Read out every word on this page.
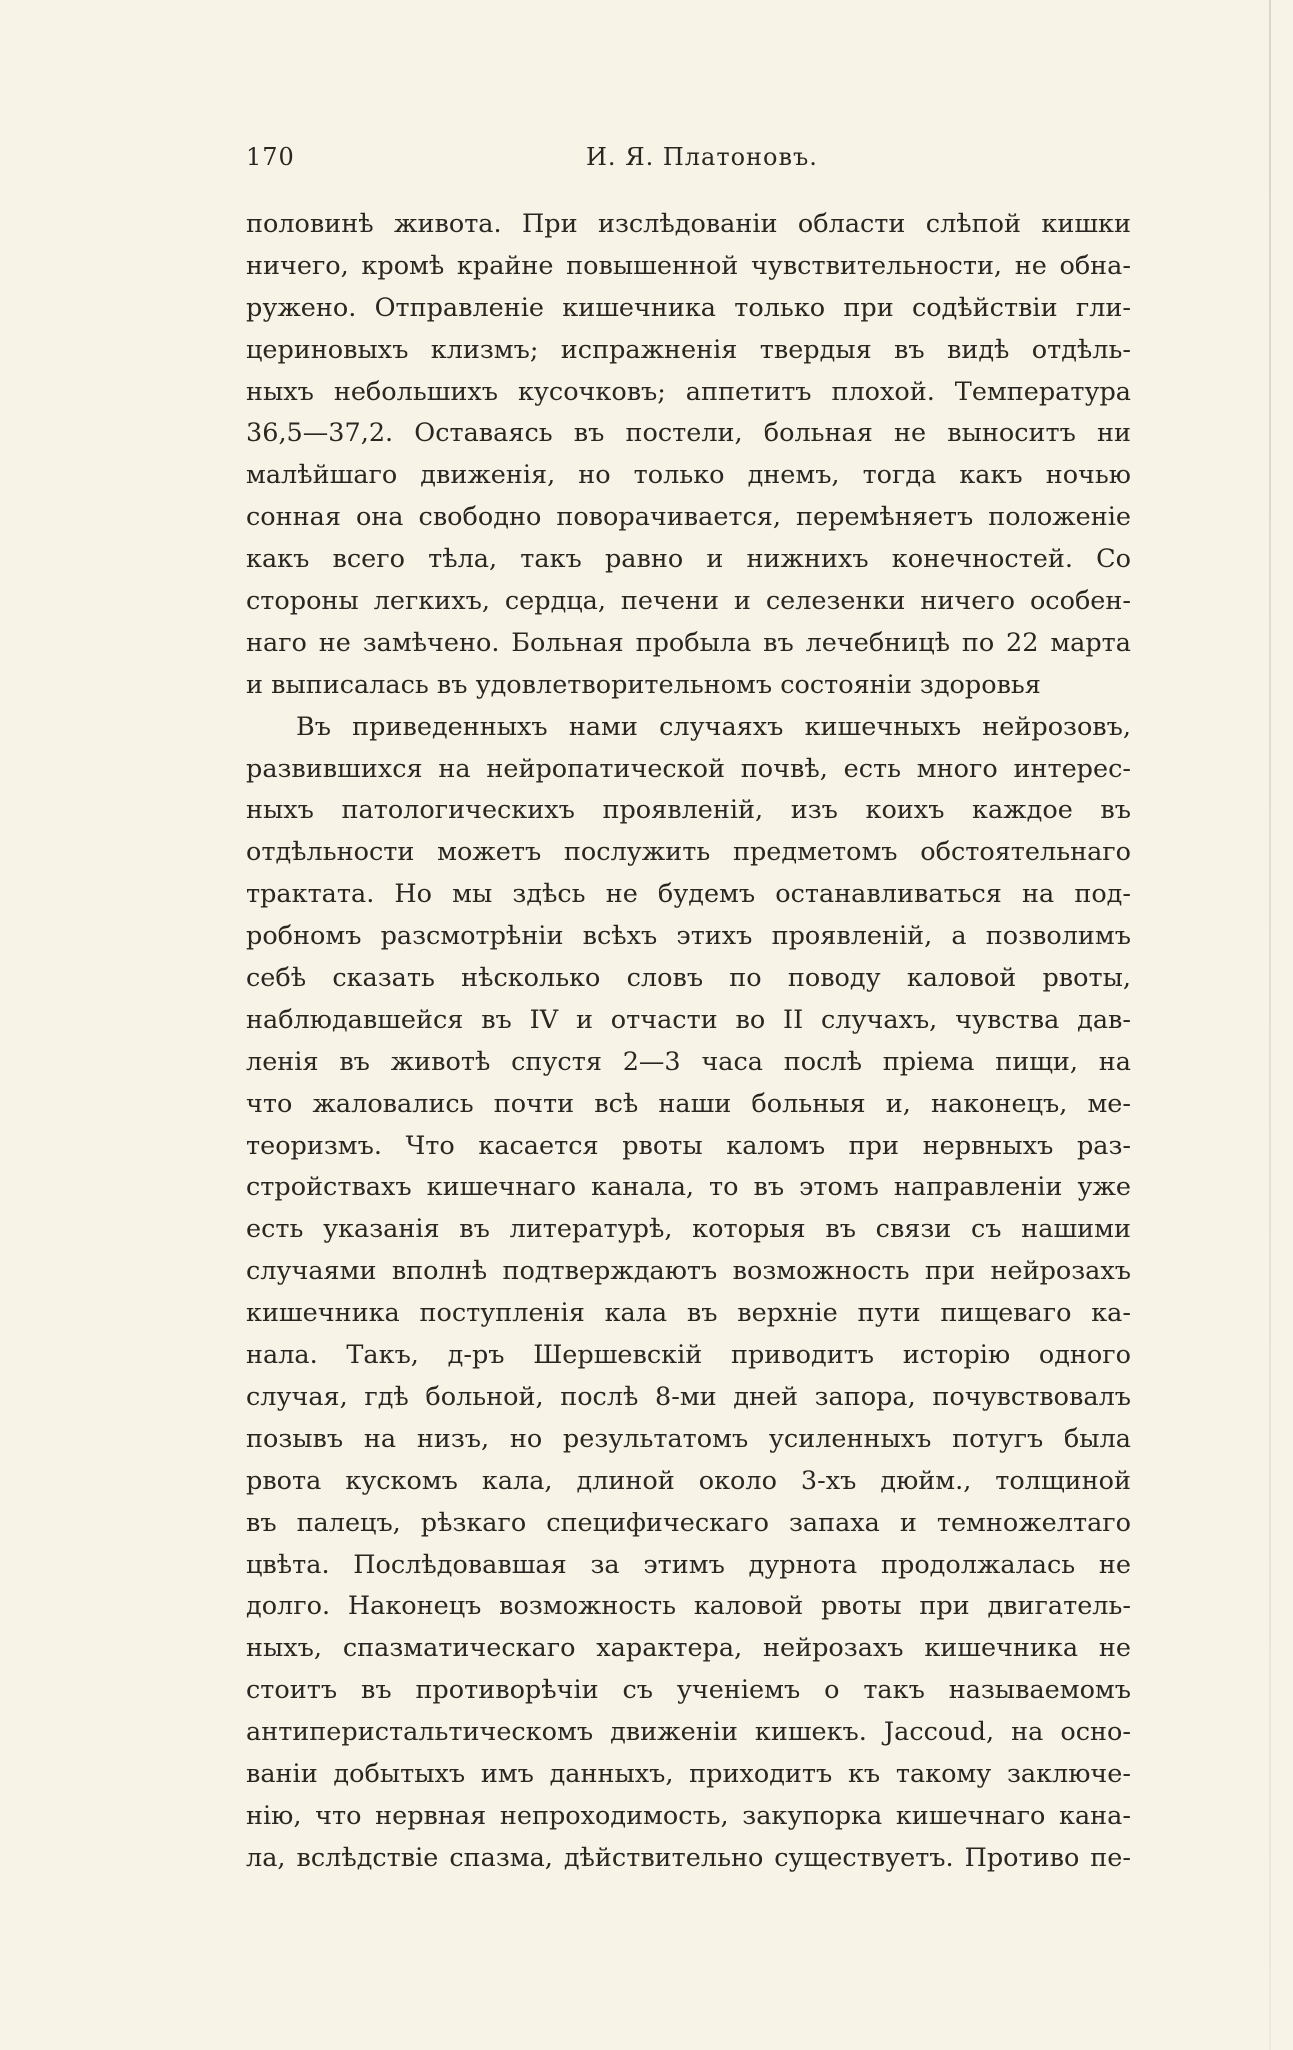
170	И. Я. Платоновъ.
половинѣ живота. При изслѣдованіи области слѣпой кишки
ничего, кромѣ крайне повышенной чувствительности, не обна-
ружено. Отправленіе кишечника только при содѣйствіи гли-
цериновыхъ клизмъ; испражненія твердыя въ видѣ отдѣль-
ныхъ небольшихъ кусочковъ; аппетитъ плохой. Температура
36,5—37,2. Оставаясь въ постели, больная не выноситъ ни
малѣйшаго движенія, но только днемъ, тогда какъ ночью
сонная она свободно поворачивается, перемѣняетъ положеніе
какъ всего тѣла, такъ равно и нижнихъ конечностей. Со
стороны легкихъ, сердца, печени и селезенки ничего особен-
наго не замѣчено. Больная пробыла въ лечебницѣ по 22 марта
и выписалась въ удовлетворительномъ состояніи здоровья
Въ приведенныхъ нами случаяхъ кишечныхъ нейрозовъ,
развившихся на нейропатической почвѣ, есть много интерес-
ныхъ патологическихъ проявленій, изъ коихъ каждое въ
отдѣльности можетъ послужить предметомъ обстоятельнаго
трактата. Но мы здѣсь не будемъ останавливаться на под-
робномъ разсмотрѣніи всѣхъ этихъ проявленій, а позволимъ
себѣ сказать нѣсколько словъ по поводу каловой рвоты,
наблюдавшейся въ IV и отчасти во II случахъ, чувства дав-
ленія въ животѣ спустя 2—3 часа послѣ пріема пищи, на
что жаловались почти всѣ наши больныя и, наконецъ, ме-
теоризмъ. Что касается рвоты каломъ при нервныхъ раз-
стройствахъ кишечнаго канала, то въ этомъ направленіи уже
есть указанія въ литературѣ, которыя въ связи съ нашими
случаями вполнѣ подтверждаютъ возможность при нейрозахъ
кишечника поступленія кала въ верхніе пути пищеваго ка-
нала. Такъ, д-ръ Шершевскій приводитъ исторію одного
случая, гдѣ больной, послѣ 8-ми дней запора, почувствовалъ
позывъ на низъ, но результатомъ усиленныхъ потугъ была
рвота кускомъ кала, длиной около 3-хъ дюйм., толщиной
въ палецъ, рѣзкаго специфическаго запаха и темножелтаго
цвѣта. Послѣдовавшая за этимъ дурнота продолжалась не
долго. Наконецъ возможность каловой рвоты при двигатель-
ныхъ, спазматическаго характера, нейрозахъ кишечника не
стоитъ въ противорѣчіи съ ученіемъ о такъ называемомъ
антиперистальтическомъ движеніи кишекъ. Jaccoud, на осно-
ваніи добытыхъ имъ данныхъ, приходитъ къ такому заключе-
нію, что нервная непроходимость, закупорка кишечнаго кана-
ла, вслѣдствіе спазма, дѣйствительно существуетъ. Противо пе-
